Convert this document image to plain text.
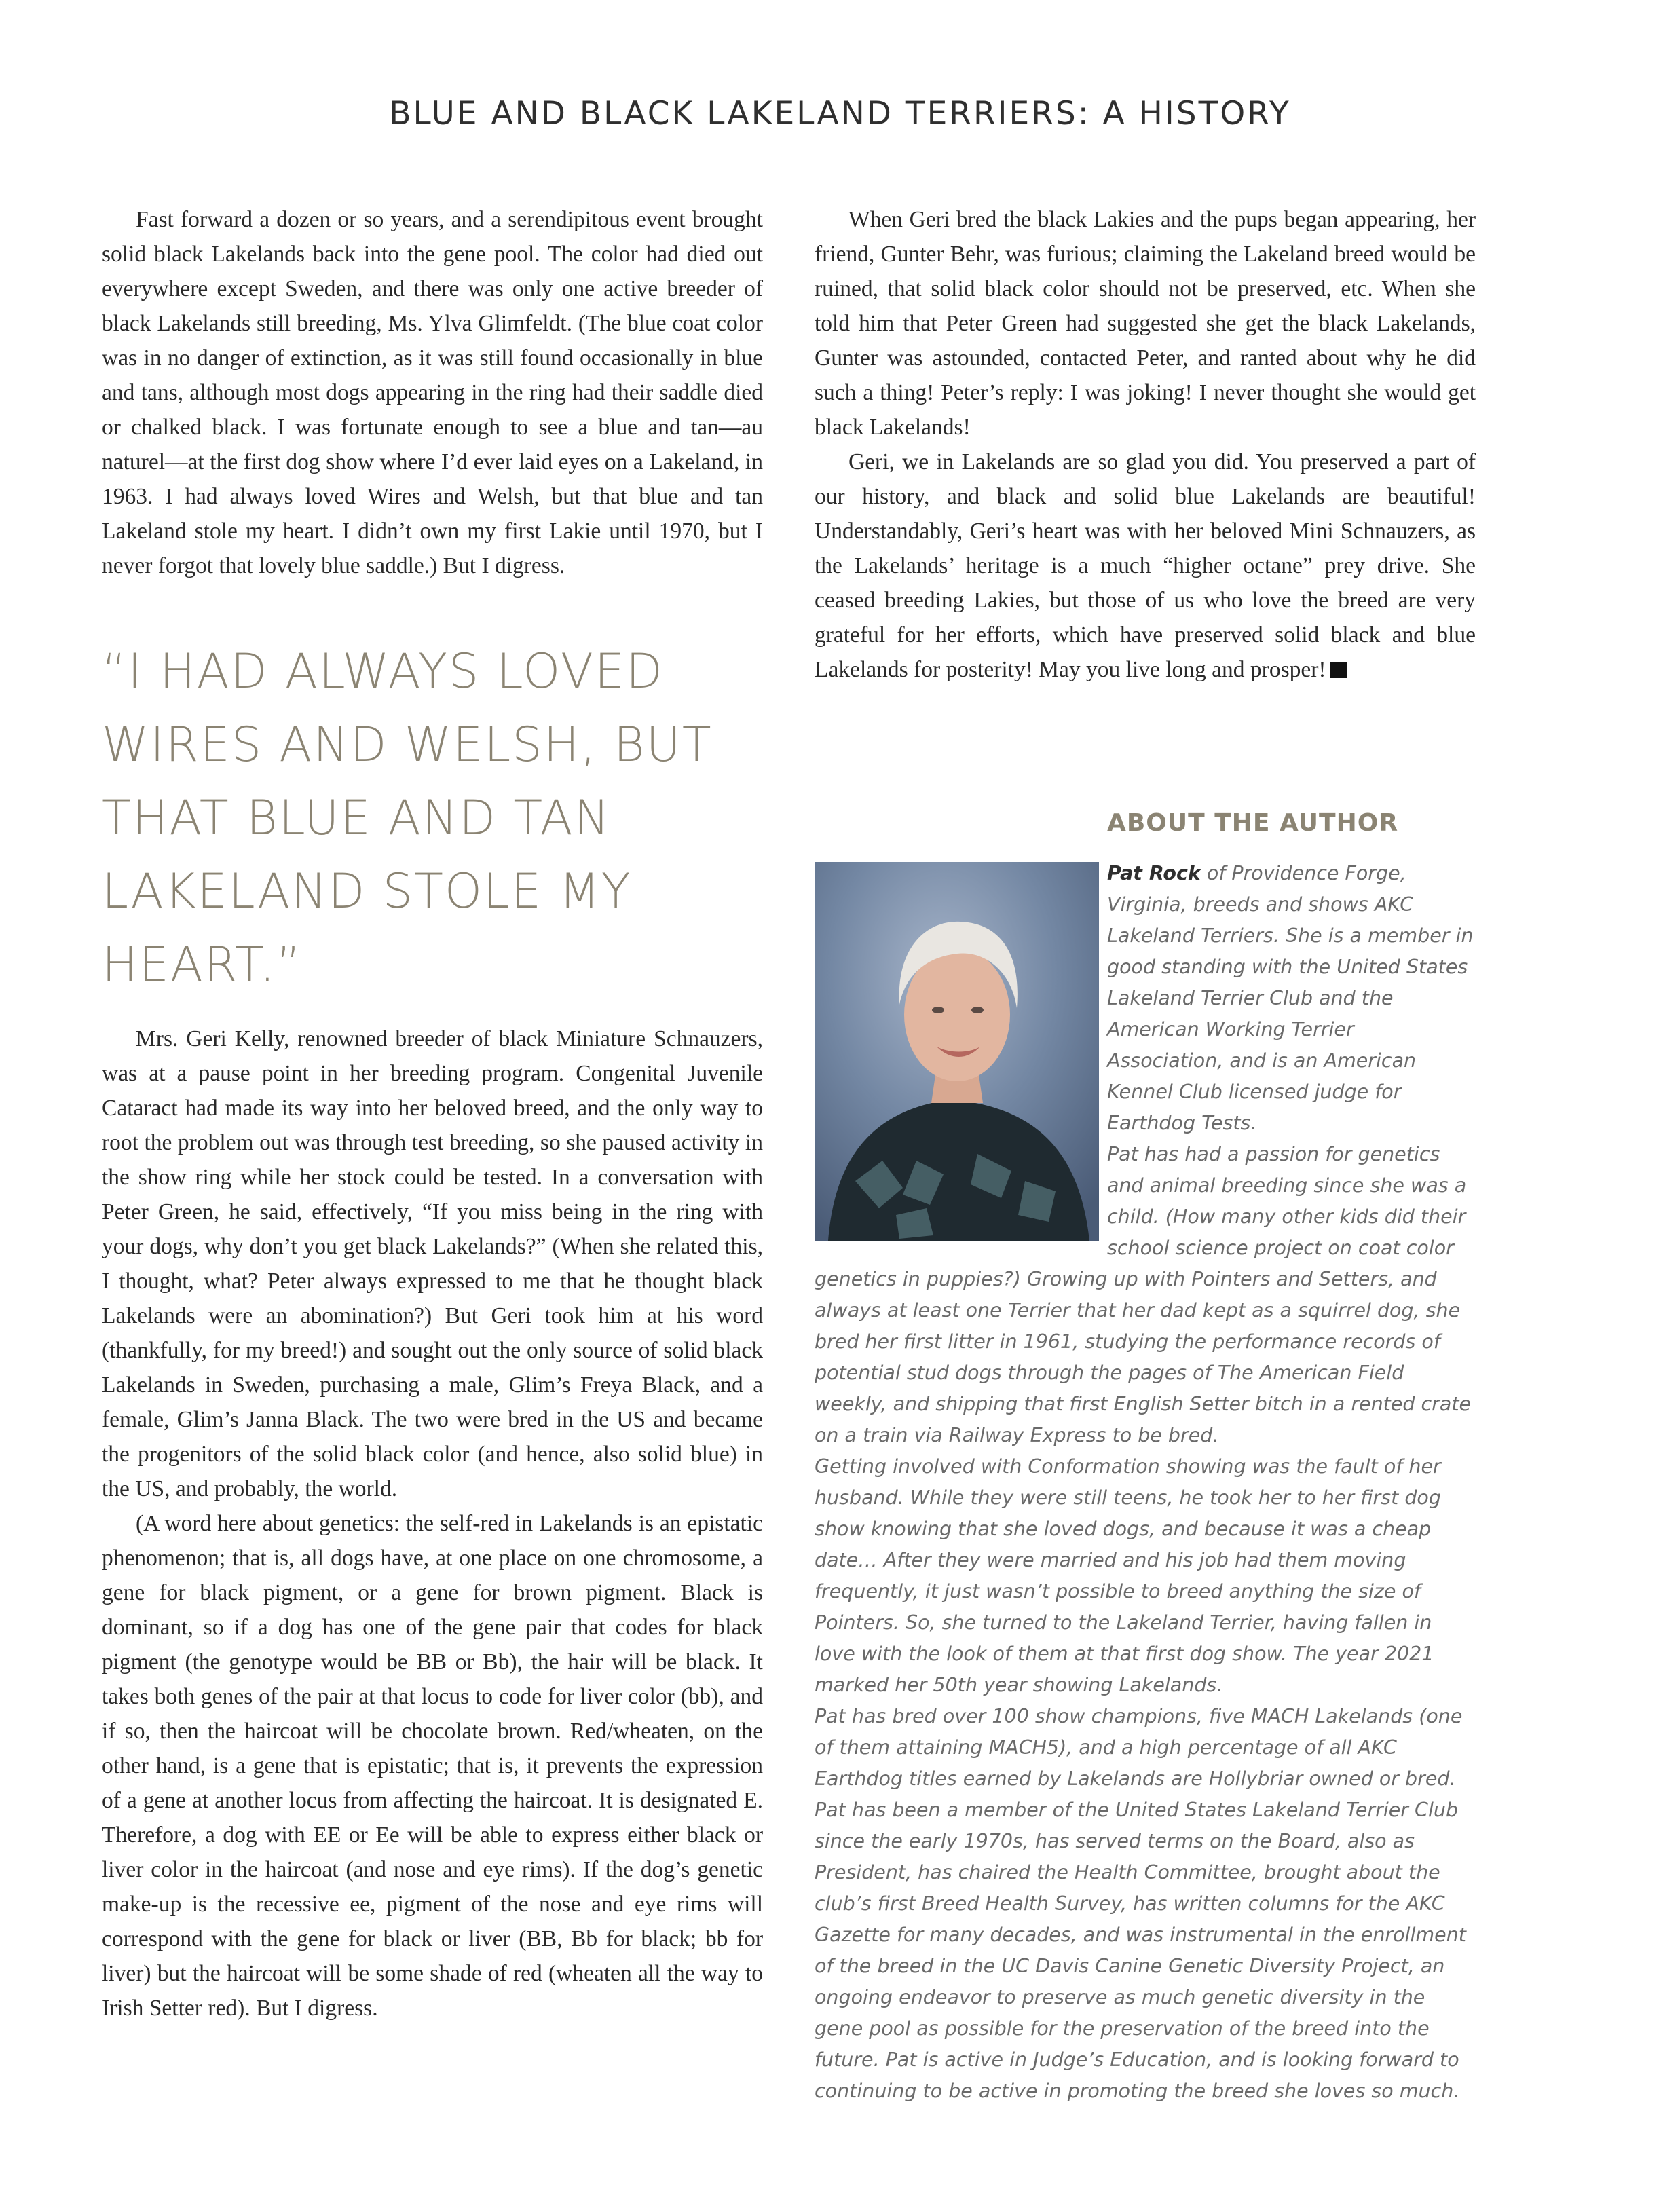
BLUE AND BLACK LAKELAND TERRIERS: A HISTORY

Fast forward a dozen or so years, and a serendipitous event brought solid black Lakelands back into the gene pool. The color had died out everywhere except Sweden, and there was only one active breeder of black Lakelands still breeding, Ms. Ylva Glimfeldt. (The blue coat color was in no danger of extinction, as it was still found occasionally in blue and tans, although most dogs appearing in the ring had their saddle died or chalked black. I was fortunate enough to see a blue and tan—au naturel—at the first dog show where I’d ever laid eyes on a Lakeland, in 1963. I had always loved Wires and Welsh, but that blue and tan Lakeland stole my heart. I didn’t own my first Lakie until 1970, but I never forgot that lovely blue saddle.) But I digress.

“I HAD ALWAYS LOVED WIRES AND WELSH, BUT THAT BLUE AND TAN LAKELAND STOLE MY HEART.”

Mrs. Geri Kelly, renowned breeder of black Miniature Schnauzers, was at a pause point in her breeding program. Congenital Juvenile Cataract had made its way into her beloved breed, and the only way to root the problem out was through test breeding, so she paused activity in the show ring while her stock could be tested. In a conversation with Peter Green, he said, effectively, “If you miss being in the ring with your dogs, why don’t you get black Lakelands?” (When she related this, I thought, what? Peter always expressed to me that he thought black Lakelands were an abomination?) But Geri took him at his word (thankfully, for my breed!) and sought out the only source of solid black Lakelands in Sweden, purchasing a male, Glim’s Freya Black, and a female, Glim’s Janna Black. The two were bred in the US and became the progenitors of the solid black color (and hence, also solid blue) in the US, and probably, the world.

(A word here about genetics: the self-red in Lakelands is an epistatic phenomenon; that is, all dogs have, at one place on one chromosome, a gene for black pigment, or a gene for brown pigment. Black is dominant, so if a dog has one of the gene pair that codes for black pigment (the genotype would be BB or Bb), the hair will be black. It takes both genes of the pair at that locus to code for liver color (bb), and if so, then the haircoat will be chocolate brown. Red/wheaten, on the other hand, is a gene that is epistatic; that is, it prevents the expression of a gene at another locus from affecting the haircoat. It is designated E. Therefore, a dog with EE or Ee will be able to express either black or liver color in the haircoat (and nose and eye rims). If the dog’s genetic make-up is the recessive ee, pigment of the nose and eye rims will correspond with the gene for black or liver (BB, Bb for black; bb for liver) but the haircoat will be some shade of red (wheaten all the way to Irish Setter red). But I digress.

When Geri bred the black Lakies and the pups began appearing, her friend, Gunter Behr, was furious; claiming the Lakeland breed would be ruined, that solid black color should not be preserved, etc. When she told him that Peter Green had suggested she get the black Lakelands, Gunter was astounded, contacted Peter, and ranted about why he did such a thing! Peter’s reply: I was joking! I never thought she would get black Lakelands!

Geri, we in Lakelands are so glad you did. You preserved a part of our history, and black and solid blue Lakelands are beautiful! Understandably, Geri’s heart was with her beloved Mini Schnauzers, as the Lakelands’ heritage is a much “higher octane” prey drive. She ceased breeding Lakies, but those of us who love the breed are very grateful for her efforts, which have preserved solid black and blue Lakelands for posterity! May you live long and prosper!

ABOUT THE AUTHOR

Pat Rock of Providence Forge, Virginia, breeds and shows AKC Lakeland Terriers. She is a member in good standing with the United States Lakeland Terrier Club and the American Working Terrier Association, and is an American Kennel Club licensed judge for Earthdog Tests.

Pat has had a passion for genetics and animal breeding since she was a child. (How many other kids did their school science project on coat color genetics in puppies?) Growing up with Pointers and Setters, and always at least one Terrier that her dad kept as a squirrel dog, she bred her first litter in 1961, studying the performance records of potential stud dogs through the pages of The American Field weekly, and shipping that first English Setter bitch in a rented crate on a train via Railway Express to be bred.

Getting involved with Conformation showing was the fault of her husband. While they were still teens, he took her to her first dog show knowing that she loved dogs, and because it was a cheap date… After they were married and his job had them moving frequently, it just wasn’t possible to breed anything the size of Pointers. So, she turned to the Lakeland Terrier, having fallen in love with the look of them at that first dog show. The year 2021 marked her 50th year showing Lakelands.

Pat has bred over 100 show champions, five MACH Lakelands (one of them attaining MACH5), and a high percentage of all AKC Earthdog titles earned by Lakelands are Hollybriar owned or bred.

Pat has been a member of the United States Lakeland Terrier Club since the early 1970s, has served terms on the Board, also as President, has chaired the Health Committee, brought about the club’s first Breed Health Survey, has written columns for the AKC Gazette for many decades, and was instrumental in the enrollment of the breed in the UC Davis Canine Genetic Diversity Project, an ongoing endeavor to preserve as much genetic diversity in the gene pool as possible for the preservation of the breed into the future. Pat is active in Judge’s Education, and is looking forward to continuing to be active in promoting the breed she loves so much.
